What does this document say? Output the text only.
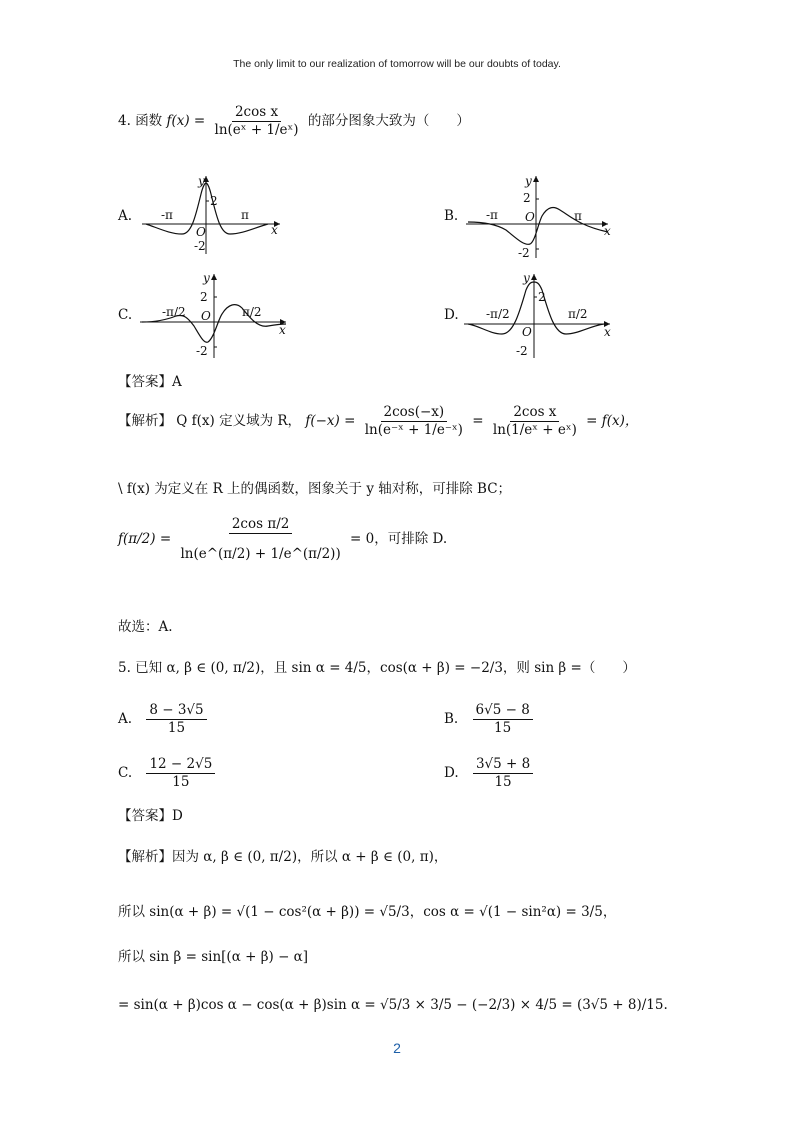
The only limit to our realization of tomorrow will be our doubts of today.
4. 函数 $f(x) = \frac{\text{2cos x}}{\text{ln(eˣ + 1/eˣ)}}$ 的部分图象大致为（　　）
A.	B.
C.	D.
-π	π
2
-2
O	x
y
-π	π
2
-2
O
x
y
-π/2	π/2
2
-2
O
x
y
-π/2	π/2
2
-2
O	x
y
【答案】A
【解析】 Q f(x) 定义域为 R， $f(-x) = \frac{2\cos(-x)}{\text{ln(e⁻ˣ + 1/e⁻ˣ)}} = \frac{\text{2cos x}}{\text{ln(1/eˣ + eˣ)}} = f(x)$，
\ f(x) 为定义在 R 上的偶函数，图象关于 y 轴对称，可排除 BC；
$f(\pi/2) = \frac{\text{2cos π/2}}{\ln(e\^{}(\pi/2) + 1/e\^{}(\pi/2))} = 0$，可排除 D.
故选：A.
5. 已知 α, β ∈ (0, π/2)，且 sin α = 4/5，cos(α + β) = −2/3，则 sin β =（　　）
A. $\frac{8 - 3√5}{15}$	B. $\frac{6√5 - 8}{15}$
C. $\frac{12 - 2√5}{15}$	D. $\frac{3√5 + 8}{15}$
【答案】D
【解析】因为 α, β ∈ (0, π/2)，所以 α + β ∈ (0, π)，
所以 sin(α + β) = √(1 − cos²(α + β)) = √5/3，cos α = √(1 − sin²α) = 3/5，
所以 sin β = sin[(α + β) − α]
= sin(α + β)cos α − cos(α + β)sin α = √5/3 × 3/5 − (−2/3) × 4/5 = (3√5 + 8)/15.
2
